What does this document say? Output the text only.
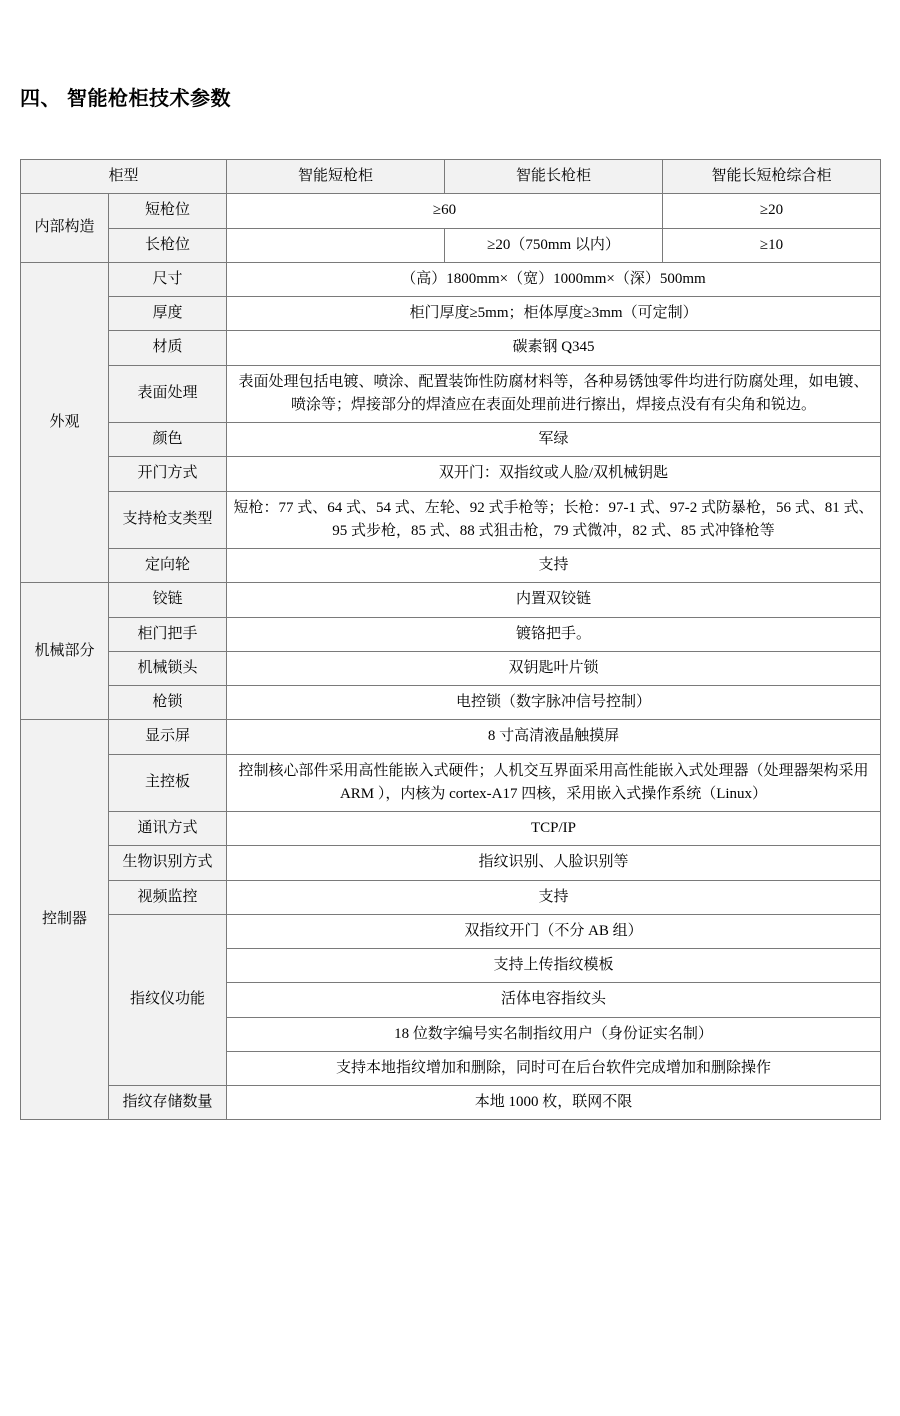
四、 智能枪柜技术参数
柜型		智能短枪柜	智能长枪柜	智能长短枪综合柜
内部构造	短枪位	≥60		≥20
	长枪位		≥20（750mm 以内）	≥10
外观	尺寸	（高）1800mm×（宽）1000mm×（深）500mm		
	厚度	柜门厚度≥5mm；柜体厚度≥3mm（可定制）		
	材质	碳素钢 Q345		
	表面处理	表面处理包括电镀、喷涂、配置装饰性防腐材料等，各种易锈蚀零件均进行防腐处理，如电镀、喷涂等；焊接部分的焊渣应在表面处理前进行擦出，焊接点没有有尖角和锐边。		
	颜色	军绿		
	开门方式	双开门：双指纹或人脸/双机械钥匙		
	支持枪支类型	短枪：77 式、64 式、54 式、左轮、92 式手枪等；长枪：97-1 式、97-2 式防暴枪，56 式、81 式、95 式步枪，85 式、88 式狙击枪，79 式微冲，82 式、85 式冲锋枪等		
	定向轮	支持		
机械部分	铰链	内置双铰链		
	柜门把手	镀铬把手。		
	机械锁头	双钥匙叶片锁		
	枪锁	电控锁（数字脉冲信号控制）		
控制器	显示屏	8 寸高清液晶触摸屏		
	主控板	控制核心部件采用高性能嵌入式硬件；人机交互界面采用高性能嵌入式处理器（处理器架构采用 ARM ），内核为 cortex-A17 四核，采用嵌入式操作系统（Linux）		
	通讯方式	TCP/IP		
	生物识别方式	指纹识别、人脸识别等		
	视频监控	支持		
	指纹仪功能	双指纹开门（不分 AB 组）		
		支持上传指纹模板		
		活体电容指纹头		
		18 位数字编号实名制指纹用户（身份证实名制）		
		支持本地指纹增加和删除，同时可在后台软件完成增加和删除操作		
	指纹存储数量	本地 1000 枚，联网不限		
